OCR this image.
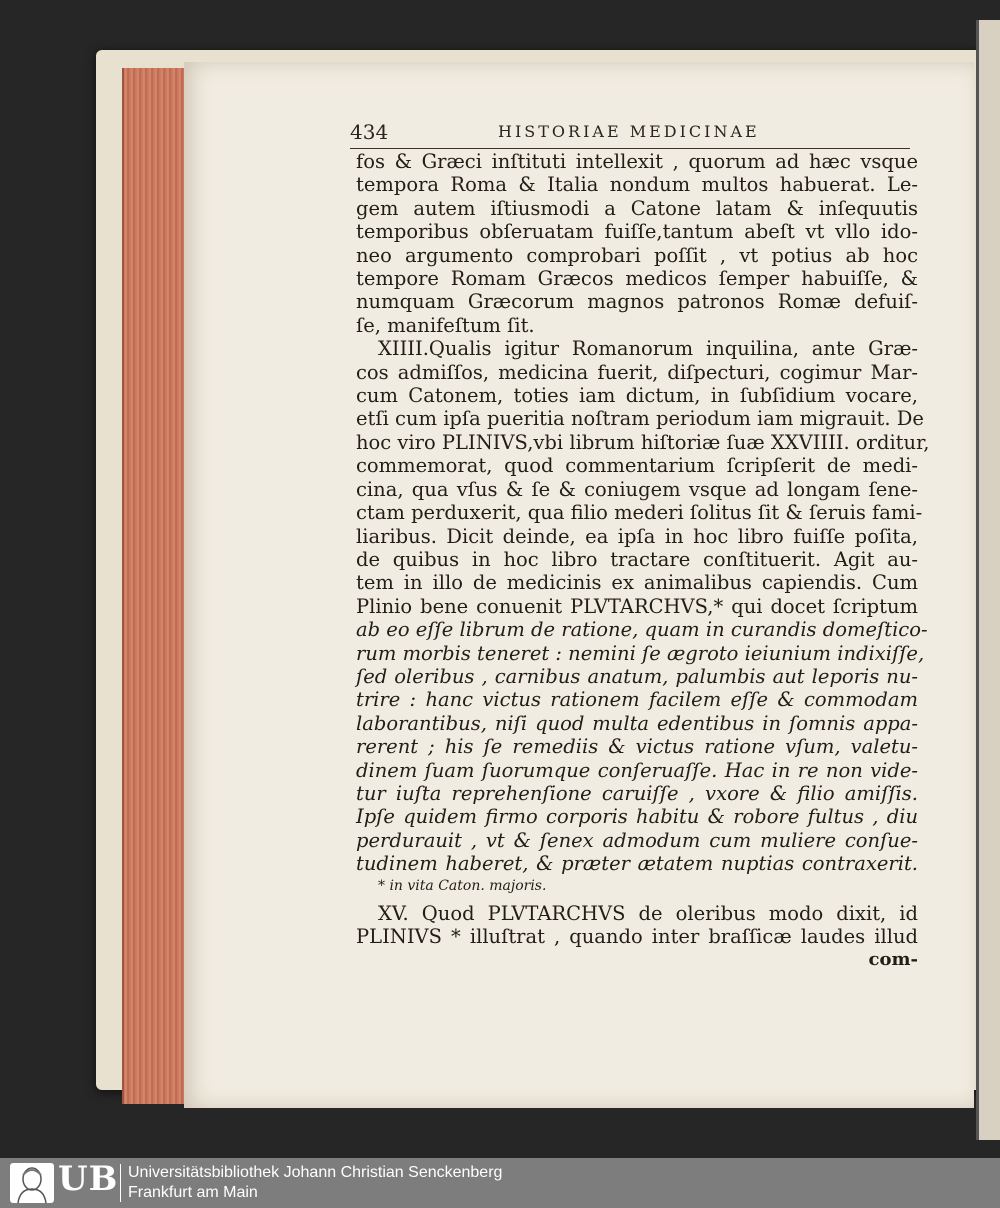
434	HISTORIAE MEDICINAE
fos & Græci inſtituti intellexit , quorum ad hæc vsque
tempora Roma & Italia nondum multos habuerat. Le-
gem autem iſtiusmodi a Catone latam & inſequutis
temporibus obſeruatam fuiſſe,tantum abeſt vt vllo ido-
neo argumento comprobari poſſit , vt potius ab hoc
tempore Romam Græcos medicos ſemper habuiſſe, &
numquam Græcorum magnos patronos Romæ defuiſ-
ſe, manifeſtum ſit.
XIIII.Qualis igitur Romanorum inquilina, ante Græ-
cos admiſſos, medicina fuerit, diſpecturi, cogimur Mar-
cum Catonem, toties iam dictum, in ſubſidium vocare,
etſi cum ipſa pueritia noſtram periodum iam migrauit. De
hoc viro PLINIVS,vbi librum hiſtoriæ ſuæ XXVIIII. orditur,
commemorat, quod commentarium ſcripſerit de medi-
cina, qua vſus & ſe & coniugem vsque ad longam ſene-
ctam perduxerit, qua filio mederi ſolitus ſit & ſeruis fami-
liaribus. Dicit deinde, ea ipſa in hoc libro fuiſſe poſita,
de quibus in hoc libro tractare conſtituerit. Agit au-
tem in illo de medicinis ex animalibus capiendis. Cum
Plinio bene conuenit PLVTARCHVS,* qui docet ſcriptum
ab eo eſſe librum de ratione, quam in curandis domeſtico-
rum morbis teneret : nemini ſe ægroto ieiunium indixiſſe,
ſed oleribus , carnibus anatum, palumbis aut leporis nu-
trire : hanc victus rationem facilem eſſe & commodam
laborantibus, niſi quod multa edentibus in ſomnis appa-
rerent ; his ſe remediis & victus ratione vſum, valetu-
dinem ſuam ſuorumque conſeruaſſe. Hac in re non vide-
tur iuſta reprehenſione caruiſſe , vxore & filio amiſſis.
Ipſe quidem firmo corporis habitu & robore fultus , diu
perdurauit , vt & ſenex admodum cum muliere conſue-
tudinem haberet, & præter ætatem nuptias contraxerit.
* in vita Caton. majoris.
XV. Quod PLVTARCHVS de oleribus modo dixit, id
PLINIVS * illuſtrat , quando inter braſſicæ laudes illud
com-
UB Universitätsbibliothek Johann Christian Senckenberg
Frankfurt am Main
